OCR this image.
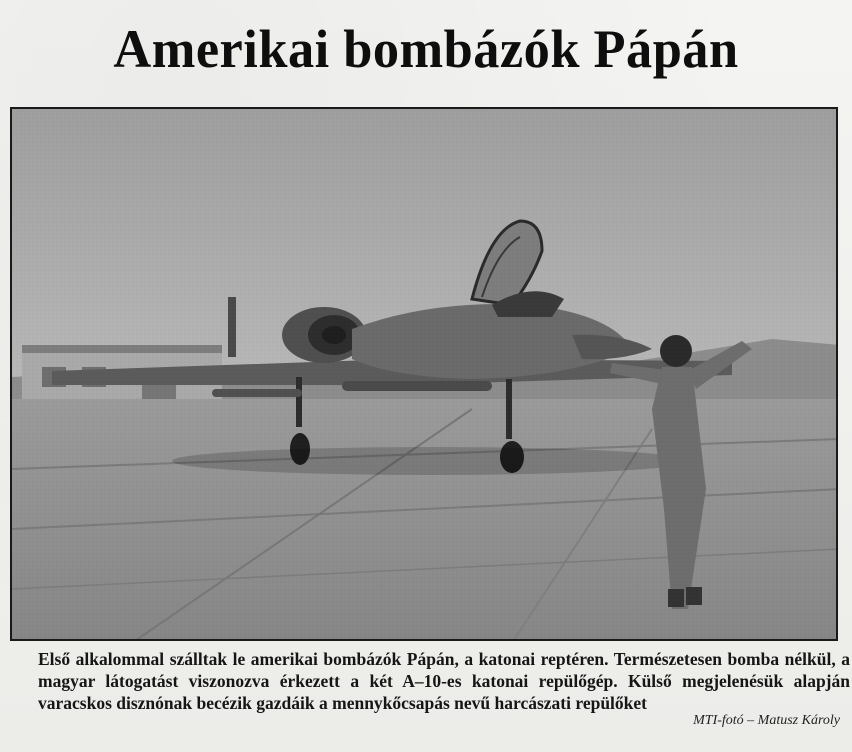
Amerikai bombázók Pápán
Első alkalommal szálltak le amerikai bombázók Pápán, a katonai reptéren. Természetesen bomba nélkül, a magyar látogatást viszonozva érkezett a két A–10-es katonai repülőgép. Külső megjelenésük alapján varacskos disznónak becézik gazdáik a mennykőcsapás nevű harcászati repülőket
MTI-fotó – Matusz Károly
